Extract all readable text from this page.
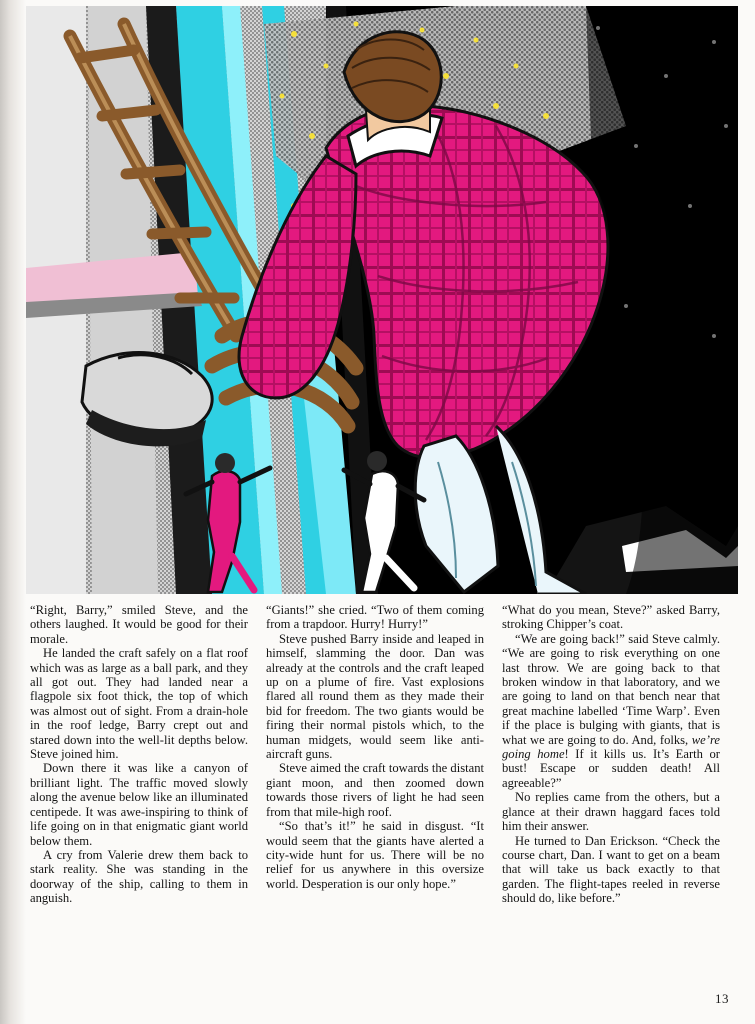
“Right, Barry,” smiled Steve, and the others laughed. It would be good for their morale.

He landed the craft safely on a flat roof which was as large as a ball park, and they all got out. They had landed near a flagpole six foot thick, the top of which was almost out of sight. From a drain-hole in the roof ledge, Barry crept out and stared down into the well-lit depths below. Steve joined him.

Down there it was like a canyon of brilliant light. The traffic moved slowly along the avenue below like an illuminated centipede. It was awe-inspiring to think of life going on in that enigmatic giant world below them.

A cry from Valerie drew them back to stark reality. She was standing in the doorway of the ship, calling to them in anguish.

“Giants!” she cried. “Two of them coming from a trapdoor. Hurry! Hurry!”

Steve pushed Barry inside and leaped in himself, slamming the door. Dan was already at the controls and the craft leaped up on a plume of fire. Vast explosions flared all round them as they made their bid for freedom. The two giants would be firing their normal pistols which, to the human midgets, would seem like anti-aircraft guns.

Steve aimed the craft towards the distant giant moon, and then zoomed down towards those rivers of light he had seen from that mile-high roof.

“So that’s it!” he said in disgust. “It would seem that the giants have alerted a city-wide hunt for us. There will be no relief for us anywhere in this oversize world. Desperation is our only hope.”

“What do you mean, Steve?” asked Barry, stroking Chipper’s coat.

“We are going back!” said Steve calmly. “We are going to risk everything on one last throw. We are going back to that broken window in that laboratory, and we are going to land on that bench near that great machine labelled ‘Time Warp’. Even if the place is bulging with giants, that is what we are going to do. And, folks, we’re going home! If it kills us. It’s Earth or bust! Escape or sudden death! All agreeable?”

No replies came from the others, but a glance at their drawn haggard faces told him their answer.

He turned to Dan Erickson. “Check the course chart, Dan. I want to get on a beam that will take us back exactly to that garden. The flight-tapes reeled in reverse should do, like before.”

13
